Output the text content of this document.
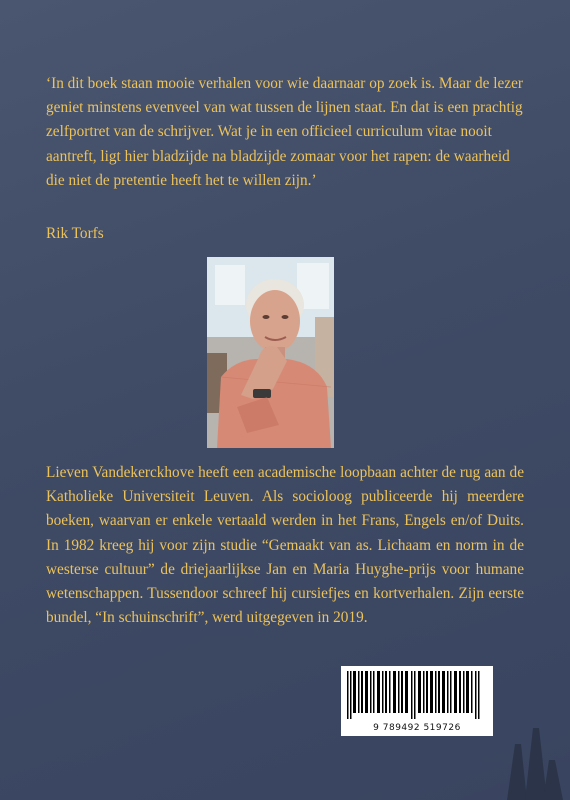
‘In dit boek staan mooie verhalen voor wie daarnaar op zoek is. Maar de lezer geniet minstens evenveel van wat tussen de lijnen staat. En dat is een prachtig zelfportret van de schrijver. Wat je in een officieel curriculum vitae nooit aantreft, ligt hier bladzijde na bladzijde zomaar voor het rapen: de waarheid die niet de pretentie heeft het te willen zijn.’

Rik Torfs

Lieven Vandekerckhove heeft een academische loopbaan achter de rug aan de Katholieke Universiteit Leuven. Als socioloog publiceerde hij meerdere boeken, waarvan er enkele vertaald werden in het Frans, Engels en/of Duits. In 1982 kreeg hij voor zijn studie “Gemaakt van as. Lichaam en norm in de westerse cultuur” de driejaarlijkse Jan en Maria Huyghe-prijs voor humane wetenschappen. Tussendoor schreef hij cursiefjes en kortverhalen. Zijn eerste bundel, “In schuinschrift”, werd uitgegeven in 2019.

9 789492 519726
